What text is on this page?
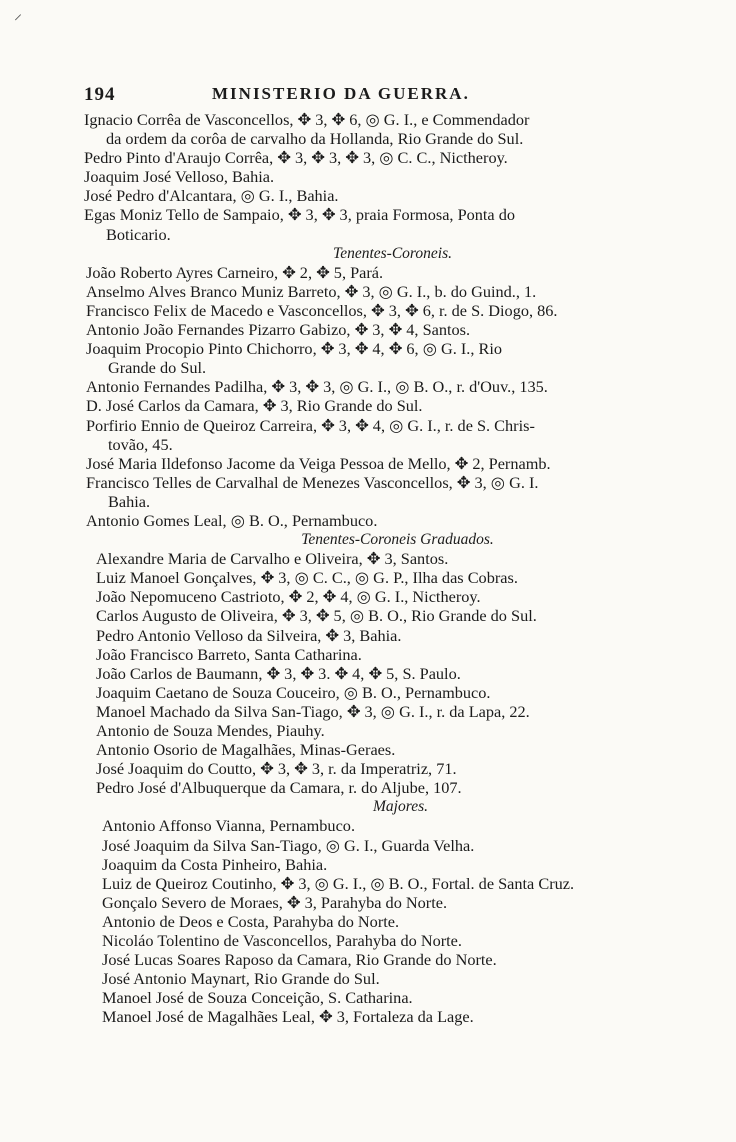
⸝
194	MINISTERIO DA GUERRA.
Ignacio Corrêa de Vasconcellos, ✥ 3, ✥ 6, ◎ G. I., e Commendador
da ordem da corôa de carvalho da Hollanda, Rio Grande do Sul.
Pedro Pinto d'Araujo Corrêa, ✥ 3, ✥ 3, ✥ 3, ◎ C. C., Nictheroy.
Joaquim José Velloso, Bahia.
José Pedro d'Alcantara, ◎ G. I., Bahia.
Egas Moniz Tello de Sampaio, ✥ 3, ✥ 3, praia Formosa, Ponta do
Boticario.
Tenentes-Coroneis.
João Roberto Ayres Carneiro, ✥ 2, ✥ 5, Pará.
Anselmo Alves Branco Muniz Barreto, ✥ 3, ◎ G. I., b. do Guind., 1.
Francisco Felix de Macedo e Vasconcellos, ✥ 3, ✥ 6, r. de S. Diogo, 86.
Antonio João Fernandes Pizarro Gabizo, ✥ 3, ✥ 4, Santos.
Joaquim Procopio Pinto Chichorro, ✥ 3, ✥ 4, ✥ 6, ◎ G. I., Rio
Grande do Sul.
Antonio Fernandes Padilha, ✥ 3, ✥ 3, ◎ G. I., ◎ B. O., r. d'Ouv., 135.
D. José Carlos da Camara, ✥ 3, Rio Grande do Sul.
Porfirio Ennio de Queiroz Carreira, ✥ 3, ✥ 4, ◎ G. I., r. de S. Chris-
tovão, 45.
José Maria Ildefonso Jacome da Veiga Pessoa de Mello, ✥ 2, Pernamb.
Francisco Telles de Carvalhal de Menezes Vasconcellos, ✥ 3, ◎ G. I.
Bahia.
Antonio Gomes Leal, ◎ B. O., Pernambuco.
Tenentes-Coroneis Graduados.
Alexandre Maria de Carvalho e Oliveira, ✥ 3, Santos.
Luiz Manoel Gonçalves, ✥ 3, ◎ C. C., ◎ G. P., Ilha das Cobras.
João Nepomuceno Castrioto, ✥ 2, ✥ 4, ◎ G. I., Nictheroy.
Carlos Augusto de Oliveira, ✥ 3, ✥ 5, ◎ B. O., Rio Grande do Sul.
Pedro Antonio Velloso da Silveira, ✥ 3, Bahia.
João Francisco Barreto, Santa Catharina.
João Carlos de Baumann, ✥ 3, ✥ 3. ✥ 4, ✥ 5, S. Paulo.
Joaquim Caetano de Souza Couceiro, ◎ B. O., Pernambuco.
Manoel Machado da Silva San-Tiago, ✥ 3, ◎ G. I., r. da Lapa, 22.
Antonio de Souza Mendes, Piauhy.
Antonio Osorio de Magalhães, Minas-Geraes.
José Joaquim do Coutto, ✥ 3, ✥ 3, r. da Imperatriz, 71.
Pedro José d'Albuquerque da Camara, r. do Aljube, 107.
Majores.
Antonio Affonso Vianna, Pernambuco.
José Joaquim da Silva San-Tiago, ◎ G. I., Guarda Velha.
Joaquim da Costa Pinheiro, Bahia.
Luiz de Queiroz Coutinho, ✥ 3, ◎ G. I., ◎ B. O., Fortal. de Santa Cruz.
Gonçalo Severo de Moraes, ✥ 3, Parahyba do Norte.
Antonio de Deos e Costa, Parahyba do Norte.
Nicoláo Tolentino de Vasconcellos, Parahyba do Norte.
José Lucas Soares Raposo da Camara, Rio Grande do Norte.
José Antonio Maynart, Rio Grande do Sul.
Manoel José de Souza Conceição, S. Catharina.
Manoel José de Magalhães Leal, ✥ 3, Fortaleza da Lage.
